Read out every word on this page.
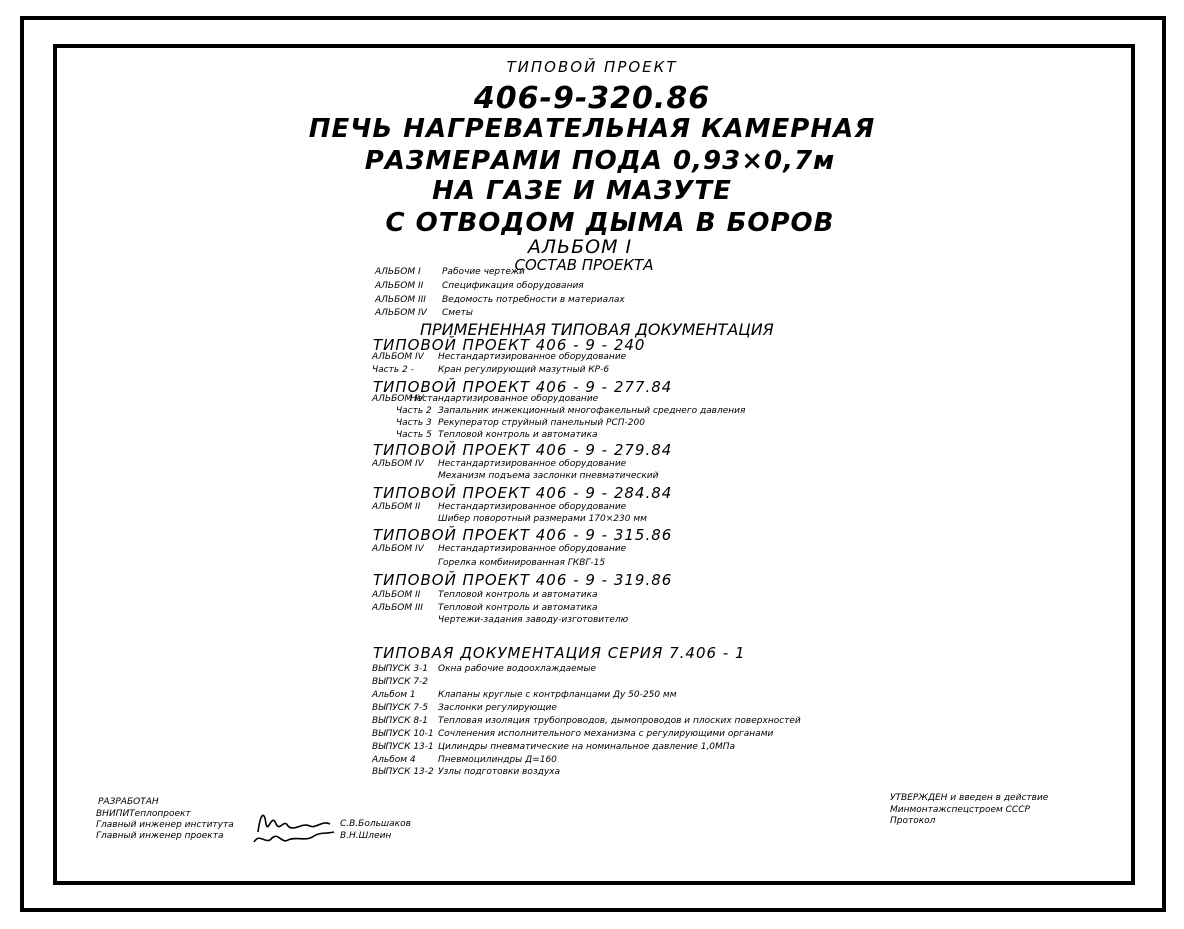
ТИПОВОЙ ПРОЕКТ
406-9-320.86
ПЕЧЬ НАГРЕВАТЕЛЬНАЯ КАМЕРНАЯ
РАЗМЕРАМИ ПОДА 0,93×0,7м
НА ГАЗЕ И МАЗУТЕ
С ОТВОДОМ ДЫМА В БОРОВ
АЛЬБОМ I
СОСТАВ ПРОЕКТА
АЛЬБОМ I Рабочие чертежи
АЛЬБОМ II Спецификация оборудования
АЛЬБОМ III Ведомость потребности в материалах
АЛЬБОМ IV Сметы
ПРИМЕНЕННАЯ ТИПОВАЯ ДОКУМЕНТАЦИЯ
ТИПОВОЙ ПРОЕКТ 406 - 9 - 240
АЛЬБОМ IV Нестандартизированное оборудование
Часть 2 -	Кран регулирующий мазутный КР-6
ТИПОВОЙ ПРОЕКТ 406 - 9 - 277.84
АЛЬБОМ IVНестандартизированное оборудование
Часть 2 Запальник инжекционный многофакельный среднего давления
Часть 3 Рекуператор струйный панельный РСП-200
Часть 5 Тепловой контроль и автоматика
ТИПОВОЙ ПРОЕКТ 406 - 9 - 279.84
АЛЬБОМ IV Нестандартизированное оборудование
Механизм подъема заслонки пневматический
ТИПОВОЙ ПРОЕКТ 406 - 9 - 284.84
АЛЬБОМ II Нестандартизированное оборудование
Шибер поворотный размерами 170×230 мм
ТИПОВОЙ ПРОЕКТ 406 - 9 - 315.86
АЛЬБОМ IV Нестандартизированное оборудование
Горелка комбинированная ГКВГ-15
ТИПОВОЙ ПРОЕКТ 406 - 9 - 319.86
АЛЬБОМ II Тепловой контроль и автоматика
АЛЬБОМ III Тепловой контроль и автоматика
Чертежи-задания заводу-изготовителю
ТИПОВАЯ ДОКУМЕНТАЦИЯ СЕРИЯ 7.406 - 1
ВЫПУСК 3-1 Окна рабочие водоохлаждаемые
ВЫПУСК 7-2
Альбом 1 Клапаны круглые с контрфланцами Ду 50-250 мм
ВЫПУСК 7-5 Заслонки регулирующие
ВЫПУСК 8-1 Тепловая изоляция трубопроводов, дымопроводов и плоских поверхностей
ВЫПУСК 10-1 Сочленения исполнительного механизма с регулирующими органами
ВЫПУСК 13-1 Цилиндры пневматические на номинальное давление 1,0МПа
Альбом 4 Пневмоцилиндры Д=160
ВЫПУСК 13-2 Узлы подготовки воздуха
РАЗРАБОТАН
ВНИПИТеплопроект
Главный инженер института
Главный инженер проекта
С.В.Большаков
В.Н.Шлеин
УТВЕРЖДЕН и введен в действие
Минмонтажспецстроем СССР
Протокол
